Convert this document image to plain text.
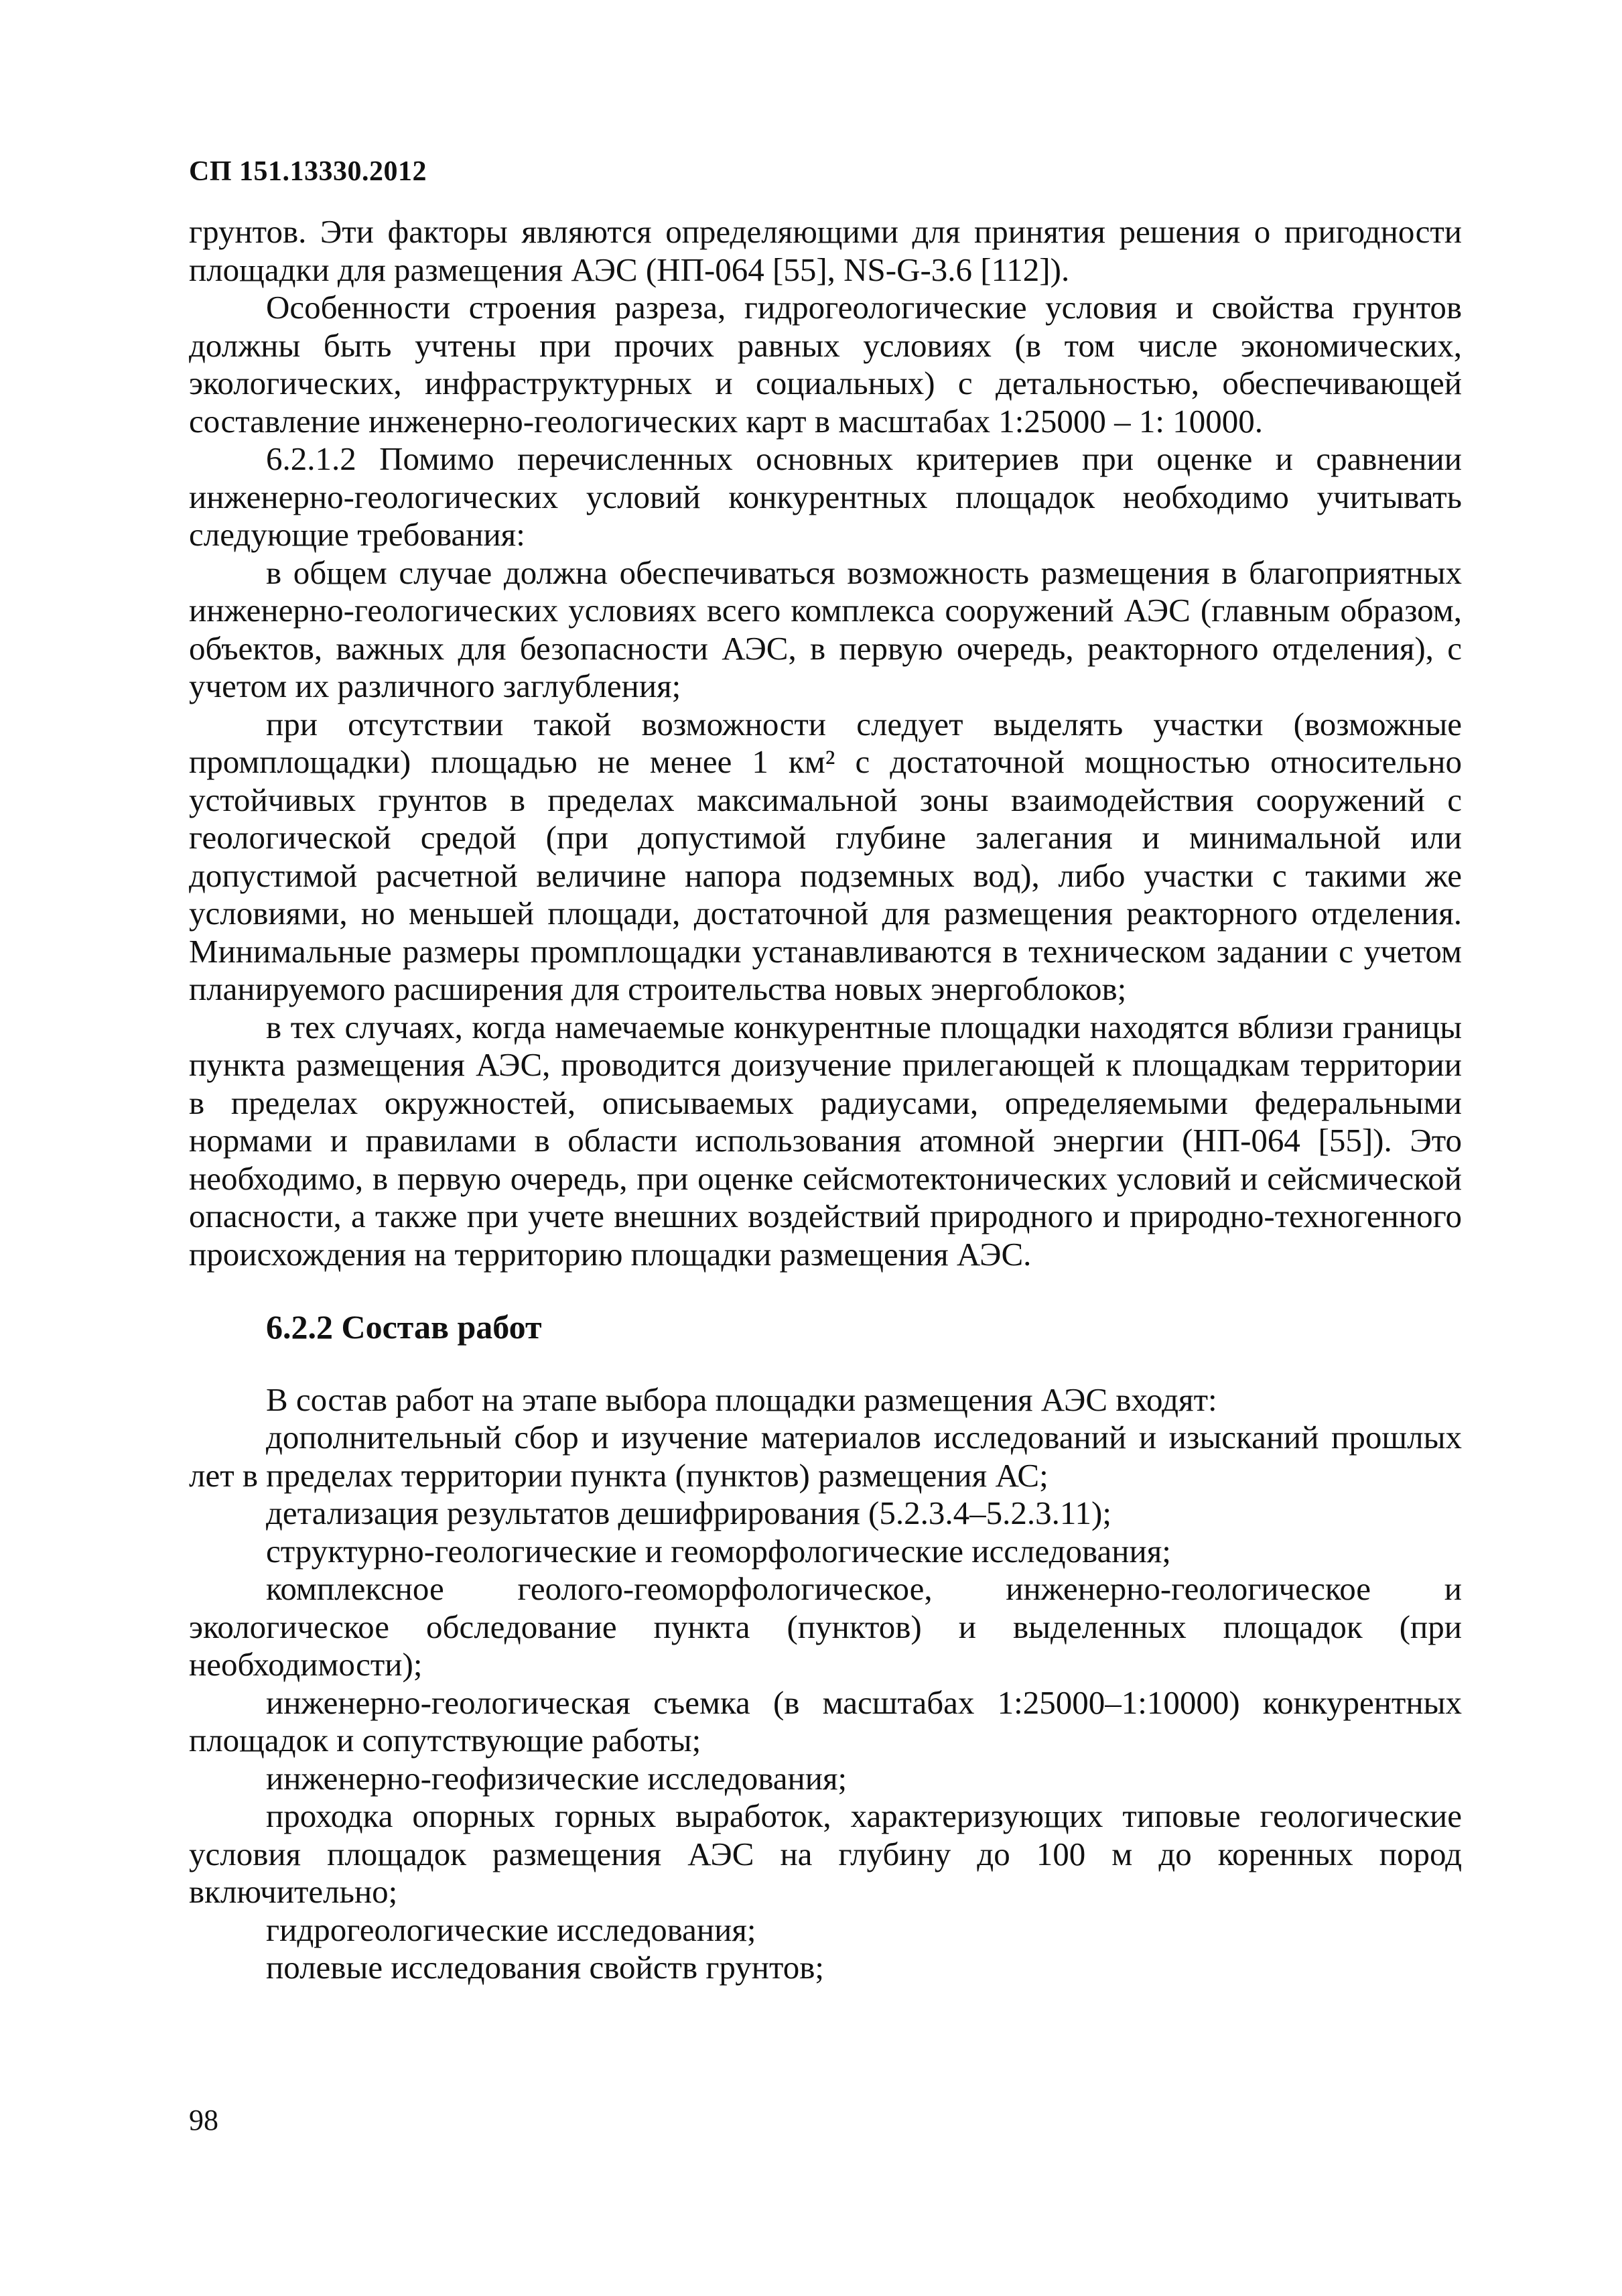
СП 151.13330.2012

грунтов. Эти факторы являются определяющими для принятия решения о пригодности площадки для размещения АЭС (НП-064 [55], NS-G-3.6 [112]).

Особенности строения разреза, гидрогеологические условия и свойства грунтов должны быть учтены при прочих равных условиях (в том числе экономических, экологических, инфраструктурных и социальных) с детальностью, обеспечивающей составление инженерно-геологических карт в масштабах 1:25000 – 1: 10000.

6.2.1.2 Помимо перечисленных основных критериев при оценке и сравнении инженерно-геологических условий конкурентных площадок необходимо учитывать следующие требования:

в общем случае должна обеспечиваться возможность размещения в благоприятных инженерно-геологических условиях всего комплекса сооружений АЭС (главным образом, объектов, важных для безопасности АЭС, в первую очередь, реакторного отделения), с учетом их различного заглубления;

при отсутствии такой возможности следует выделять участки (возможные промплощадки) площадью не менее 1 км² с достаточной мощностью относительно устойчивых грунтов в пределах максимальной зоны взаимодействия сооружений с геологической средой (при допустимой глубине залегания и минимальной или допустимой расчетной величине напора подземных вод), либо участки с такими же условиями, но меньшей площади, достаточной для размещения реакторного отделения. Минимальные размеры промплощадки устанавливаются в техническом задании с учетом планируемого расширения для строительства новых энергоблоков;

в тех случаях, когда намечаемые конкурентные площадки находятся вблизи границы пункта размещения АЭС, проводится доизучение прилегающей к площадкам территории в пределах окружностей, описываемых радиусами, определяемыми федеральными нормами и правилами в области использования атомной энергии (НП-064 [55]). Это необходимо, в первую очередь, при оценке сейсмотектонических условий и сейсмической опасности, а также при учете внешних воздействий природного и природно-техногенного происхождения на территорию площадки размещения АЭС.

6.2.2 Состав работ

В состав работ на этапе выбора площадки размещения АЭС входят:

дополнительный сбор и изучение материалов исследований и изысканий прошлых лет в пределах территории пункта (пунктов) размещения АС;

детализация результатов дешифрирования (5.2.3.4–5.2.3.11);

структурно-геологические и геоморфологические исследования;

комплексное геолого-геоморфологическое, инженерно-геологическое и экологическое обследование пункта (пунктов) и выделенных площадок (при необходимости);

инженерно-геологическая съемка (в масштабах 1:25000–1:10000) конкурентных площадок и сопутствующие работы;

инженерно-геофизические исследования;

проходка опорных горных выработок, характеризующих типовые геологические условия площадок размещения АЭС на глубину до 100 м до коренных пород включительно;

гидрогеологические исследования;

полевые исследования свойств грунтов;

98
